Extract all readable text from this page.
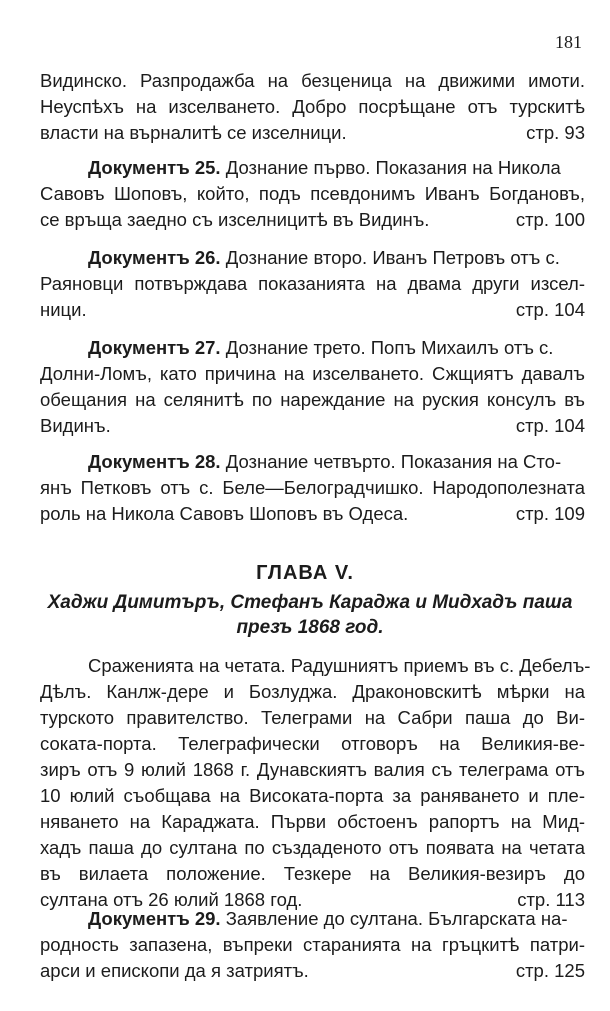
181
Видинско. Разпродажба на безценица на движими имоти.
Неуспѣхъ на изселването. Добро посрѣщане отъ турскитѣ
власти на върналитѣ се изселници.	стр. 93
Документъ 25. Дознание първо. Показания на Никола
Савовъ Шоповъ, който, подъ псевдонимъ Иванъ Богдановъ,
се връща заедно съ изселницитѣ въ Видинъ.	стр. 100
Документъ 26. Дознание второ. Иванъ Петровъ отъ с.
Раяновци потвърждава показанията на двама други изсел-
ници.	стр. 104
Документъ 27. Дознание трето. Попъ Михаилъ отъ с.
Долни-Ломъ, като причина на изселването. Сжщиятъ давалъ
обещания на селянитѣ по нареждание на руския консулъ въ
Видинъ.	стр. 104
Документъ 28. Дознание четвърто. Показания на Сто-
янъ Петковъ отъ с. Беле—Белоградчишко. Народополезната
роль на Никола Савовъ Шоповъ въ Одеса.	стр. 109
ГЛАВА V.
Хаджи Димитъръ, Стефанъ Караджа и Мидхадъ паша
презъ 1868 год.
Сраженията на четата. Радушниятъ приемъ въ с. Дебелъ-
Дѣлъ. Канлж-дере и Бозлуджа. Драконовскитѣ мѣрки на
турското правителство. Телеграми на Сабри паша до Ви-
соката-порта. Телеграфически отговоръ на Великия-ве-
зиръ отъ 9 юлий 1868 г. Дунавскиятъ валия съ телеграма отъ
10 юлий съобщава на Високата-порта за раняването и пле-
няването на Караджата. Първи обстоенъ рапортъ на Мид-
хадъ паша до султана по създаденото отъ появата на четата
въ вилаета положение. Тезкере на Великия-везиръ до
султана отъ 26 юлий 1868 год.	стр. 113
Документъ 29. Заявление до султана. Българската на-
родность запазена, въпреки старанията на гръцкитѣ патри-
арси и епископи да я затриятъ.	стр. 125
